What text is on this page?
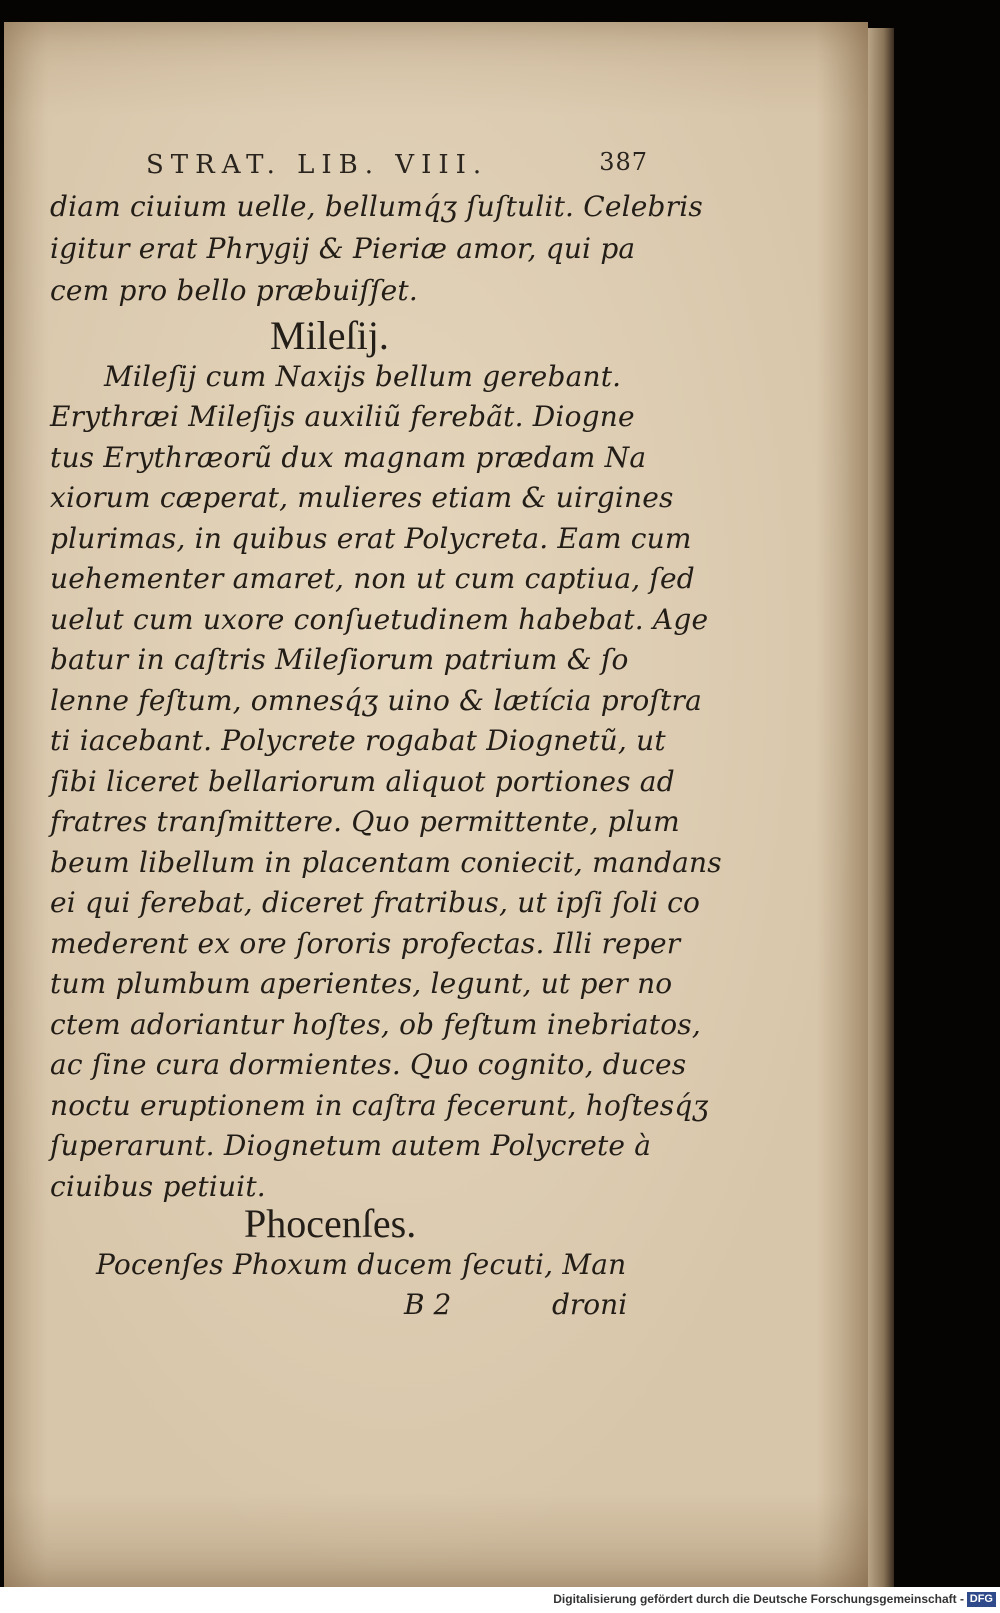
STRAT. LIB. VIII.	387
diam ciuium uelle, bellumq́ʒ ſuſtulit. Celebris
igitur erat Phrygij & Pieriæ amor, qui pa
cem pro bello præbuiſſet.
Mileſij.
Mileſij cum Naxijs bellum gerebant.
Erythræi Mileſijs auxiliũ ferebãt. Diogne
tus Erythræorũ dux magnam prædam Na
xiorum cæperat, mulieres etiam & uirgines
plurimas, in quibus erat Polycreta. Eam cum
uehementer amaret, non ut cum captiua, ſed
uelut cum uxore conſuetudinem habebat. Age
batur in caſtris Mileſiorum patrium & ſo
lenne feſtum, omnesq́ʒ uino & lætícia proſtra
ti iacebant. Polycrete rogabat Diognetũ, ut
ſibi liceret bellariorum aliquot portiones ad
fratres tranſmittere. Quo permittente, plum
beum libellum in placentam coniecit, mandans
ei qui ferebat, diceret fratribus, ut ipſi ſoli co
mederent ex ore ſororis profectas. Illi reper
tum plumbum aperientes, legunt, ut per no
ctem adoriantur hoſtes, ob feſtum inebriatos,
ac ſine cura dormientes. Quo cognito, duces
noctu eruptionem in caſtra fecerunt, hoſtesq́ʒ
ſuperarunt. Diognetum autem Polycrete à
ciuibus petiuit.
Phocenſes.
Pocenſes Phoxum ducem ſecuti, Man
B 2	droni
Digitalisierung gefördert durch die Deutsche Forschungsgemeinschaft - DFG
